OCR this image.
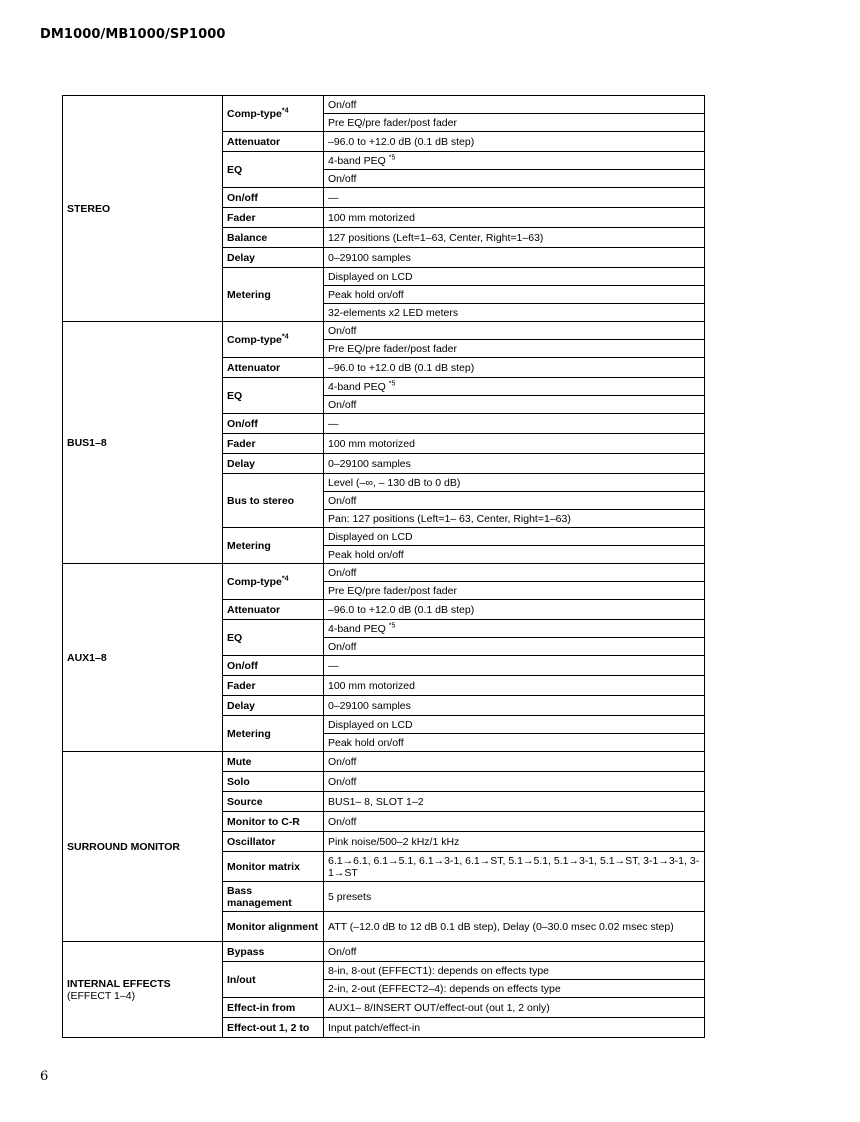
DM1000/MB1000/SP1000
STEREO	Comp-type$^{*4}$	On/off
		Pre EQ/pre fader/post fader
	Attenuator	–96.0 to +12.0 dB (0.1 dB step)
	EQ	4-band PEQ $^{*5}$
		On/off
	On/off	—
	Fader	100 mm motorized
	Balance	127 positions (Left=1–63, Center, Right=1–63)
	Delay	0–29100 samples
	Metering	Displayed on LCD
		Peak hold on/off
		32-elements x2 LED meters
BUS1–8	Comp-type$^{*4}$	On/off
		Pre EQ/pre fader/post fader
	Attenuator	–96.0 to +12.0 dB (0.1 dB step)
	EQ	4-band PEQ $^{*5}$
		On/off
	On/off	—
	Fader	100 mm motorized
	Delay	0–29100 samples
	Bus to stereo	Level (–∞, – 130 dB to 0 dB)
		On/off
		Pan: 127 positions (Left=1– 63, Center, Right=1–63)
	Metering	Displayed on LCD
		Peak hold on/off
AUX1–8	Comp-type$^{*4}$	On/off
		Pre EQ/pre fader/post fader
	Attenuator	–96.0 to +12.0 dB (0.1 dB step)
	EQ	4-band PEQ $^{*5}$
		On/off
	On/off	—
	Fader	100 mm motorized
	Delay	0–29100 samples
	Metering	Displayed on LCD
		Peak hold on/off
SURROUND MONITOR	Mute	On/off
	Solo	On/off
	Source	BUS1– 8, SLOT 1–2
	Monitor to C-R	On/off
	Oscillator	Pink noise/500–2 kHz/1 kHz
	Monitor matrix	6.1→6.1, 6.1→5.1, 6.1→3-1, 6.1→ST, 5.1→5.1, 5.1→3-1, 5.1→ST, 3-1→3-1, 3-1→ST
	Bass management	5 presets
	Monitor alignment	ATT (–12.0 dB to 12 dB 0.1 dB step), Delay (0–30.0 msec 0.02 msec step)
INTERNAL EFFECTS
(EFFECT 1–4)	Bypass	On/off
	In/out	8-in, 8-out (EFFECT1): depends on effects type
		2-in, 2-out (EFFECT2–4): depends on effects type
	Effect-in from	AUX1– 8/INSERT OUT/effect-out (out 1, 2 only)
	Effect-out 1, 2 to	Input patch/effect-in
6
